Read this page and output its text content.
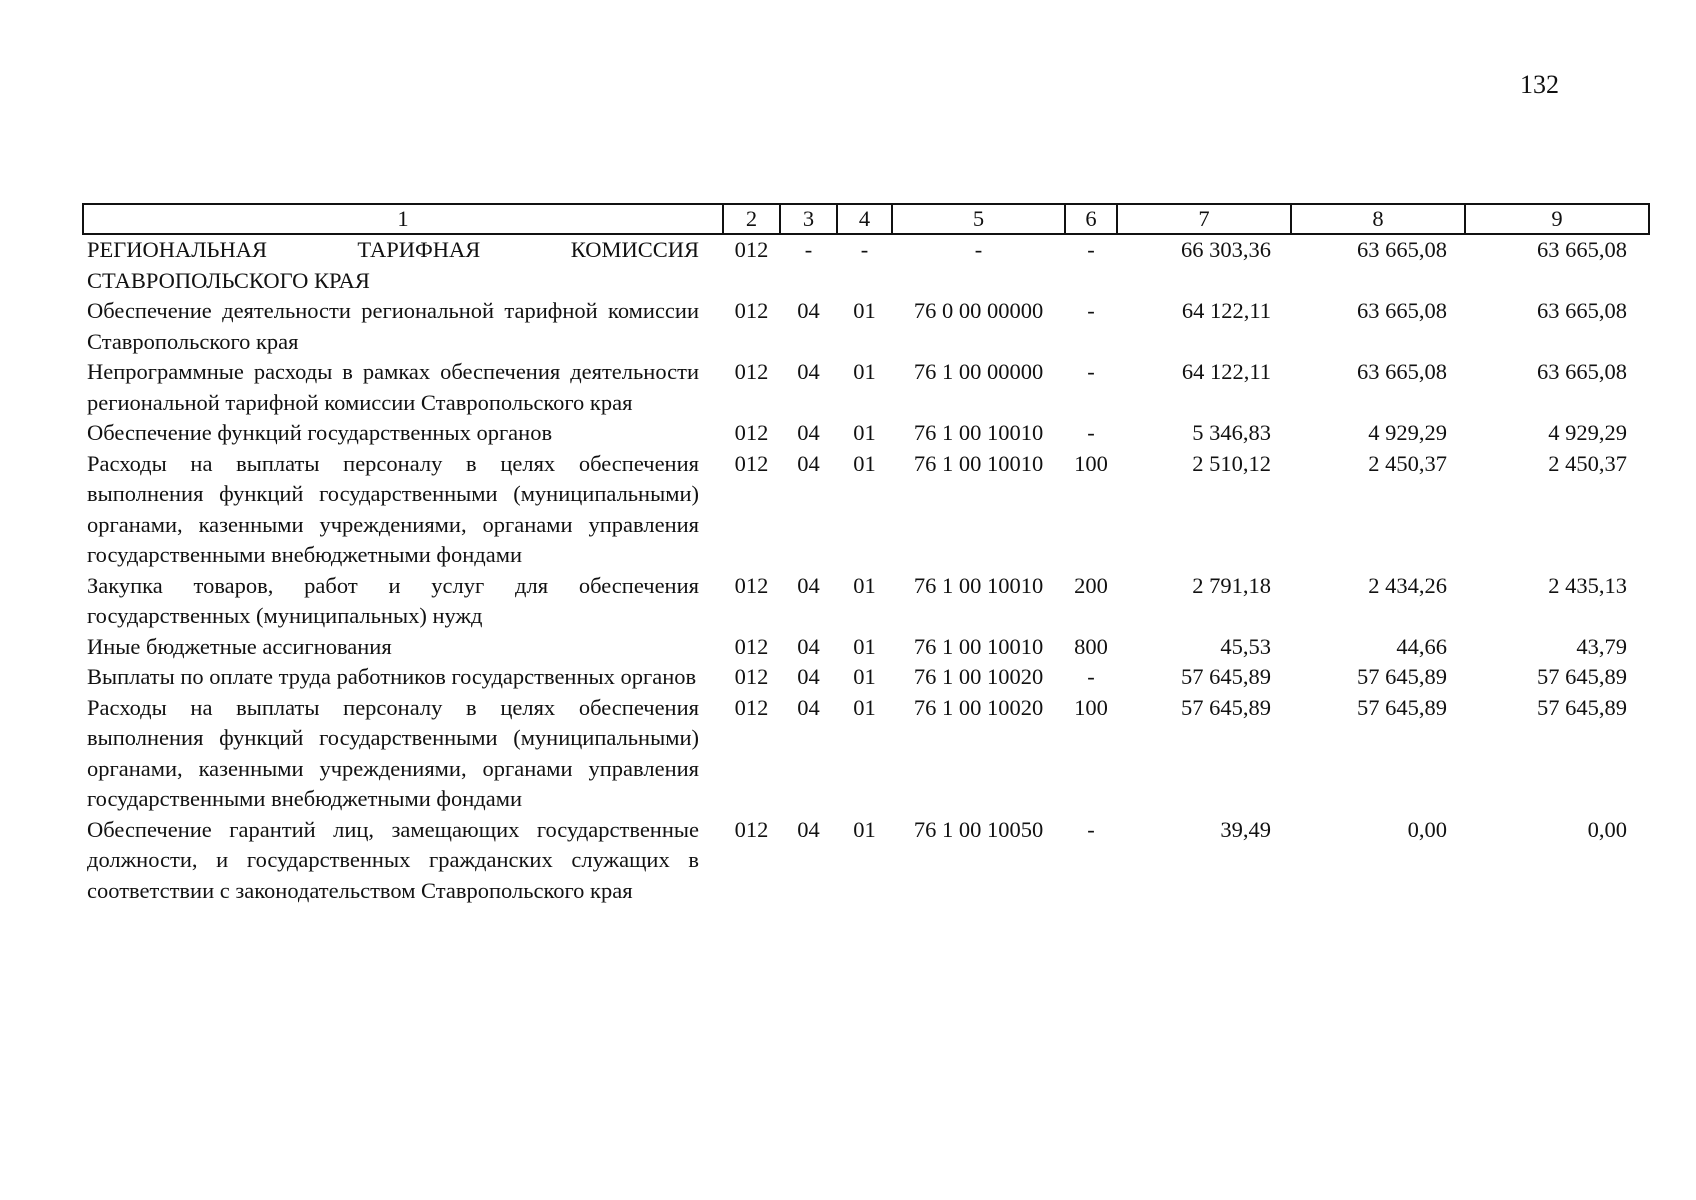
132
1	2	3	4	5	6	7	8	9
РЕГИОНАЛЬНАЯ ТАРИФНАЯ КОМИССИЯ СТАВРОПОЛЬСКОГО КРАЯ	012	-	-	-	-	66 303,36	63 665,08	63 665,08
Обеспечение деятельности региональной тарифной комиссии Ставропольского края	012	04	01	76 0 00 00000	-	64 122,11	63 665,08	63 665,08
Непрограммные расходы в рамках обеспечения деятельности региональной тарифной комиссии Ставропольского края	012	04	01	76 1 00 00000	-	64 122,11	63 665,08	63 665,08
Обеспечение функций государственных органов	012	04	01	76 1 00 10010	-	5 346,83	4 929,29	4 929,29
Расходы на выплаты персоналу в целях обеспечения выполнения функций государственными (муниципальными) органами, казенными учреждениями, органами управления государственными внебюджетными фондами	012	04	01	76 1 00 10010	100	2 510,12	2 450,37	2 450,37
Закупка товаров, работ и услуг для обеспечения государственных (муниципальных) нужд	012	04	01	76 1 00 10010	200	2 791,18	2 434,26	2 435,13
Иные бюджетные ассигнования	012	04	01	76 1 00 10010	800	45,53	44,66	43,79
Выплаты по оплате труда работников государственных органов	012	04	01	76 1 00 10020	-	57 645,89	57 645,89	57 645,89
Расходы на выплаты персоналу в целях обеспечения выполнения функций государственными (муниципальными) органами, казенными учреждениями, органами управления государственными внебюджетными фондами	012	04	01	76 1 00 10020	100	57 645,89	57 645,89	57 645,89
Обеспечение гарантий лиц, замещающих государственные должности, и государственных гражданских служащих в соответствии с законодательством Ставропольского края	012	04	01	76 1 00 10050	-	39,49	0,00	0,00
